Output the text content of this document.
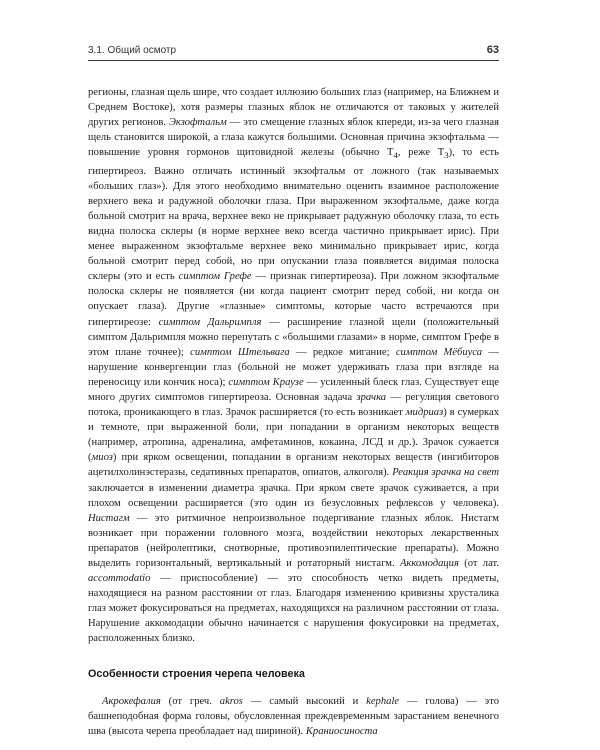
3.1. Общий осмотр	63

регионы, глазная щель шире, что создает иллюзию больших глаз (например, на Ближнем и Среднем Востоке), хотя размеры глазных яблок не отличаются от таковых у жителей других регионов. Экзофтальм — это смещение глазных яблок кпереди, из-за чего глазная щель становится широкой, а глаза кажутся большими. Основная причина экзофтальма — повышение уровня гормонов щитовидной железы (обычно $Т_4$, реже $Т_3$), то есть гипертиреоз. Важно отличать истинный экзофтальм от ложного (так называемых «больших глаз»). Для этого необходимо внимательно оценить взаимное расположение верхнего века и радужной оболочки глаза. При выраженном экзофтальме, даже когда больной смотрит на врача, верхнее веко не прикрывает радужную оболочку глаза, то есть видна полоска склеры (в норме верхнее веко всегда частично прикрывает ирис). При менее выраженном экзофтальме верхнее веко минимально прикрывает ирис, когда больной смотрит перед собой, но при опускании глаза появляется видимая полоска склеры (это и есть симптом Грефе — признак гипертиреоза). При ложном экзофтальме полоска склеры не появляется (ни когда пациент смотрит перед собой, ни когда он опускает глаза). Другие «глазные» симптомы, которые часто встречаются при гипертиреозе: симптом Дальримпля — расширение глазной щели (положительный симптом Дальримпля можно перепутать с «большими глазами» в норме, симптом Грефе в этом плане точнее); симптом Штельвага — редкое мигание; симптом Мёбиуса — нарушение конвергенции глаз (больной не может удерживать глаза при взгляде на переносицу или кончик носа); симптом Краузе — усиленный блеск глаз. Существует еще много других симптомов гипертиреоза. Основная задача зрачка — регуляция светового потока, проникающего в глаз. Зрачок расширяется (то есть возникает мидриаз) в сумерках и темноте, при выраженной боли, при попадании в организм некоторых веществ (например, атропина, адреналина, амфетаминов, кокаина, ЛСД и др.). Зрачок сужается (миоз) при ярком освещении, попадании в организм некоторых веществ (ингибиторов ацетилхолинэстеразы, седативных препаратов, опиатов, алкоголя). Реакция зрачка на свет заключается в изменении диаметра зрачка. При ярком свете зрачок суживается, а при плохом освещении расширяется (это один из безусловных рефлексов у человека). Нистагм — это ритмичное непроизвольное подергивание глазных яблок. Нистагм возникает при поражении головного мозга, воздействии некоторых лекарственных препаратов (нейролептики, снотворные, противоэпилептические препараты). Можно выделить горизонтальный, вертикальный и ротаторный нистагм. Аккомодация (от лат. accommodatio — приспособление) — это способность четко видеть предметы, находящиеся на разном расстоянии от глаз. Благодаря изменению кривизны хрусталика глаз может фокусироваться на предметах, находящихся на различном расстоянии от глаза. Нарушение аккомодации обычно начинается с нарушения фокусировки на предметах, расположенных близко.

Особенности строения черепа человека

Акрокефалия (от греч. akros — самый высокий и kephale — голова) — это башнеподобная форма головы, обусловленная преждевременным зарастанием венечного шва (высота черепа преобладает над шириной). Краниосиноста
